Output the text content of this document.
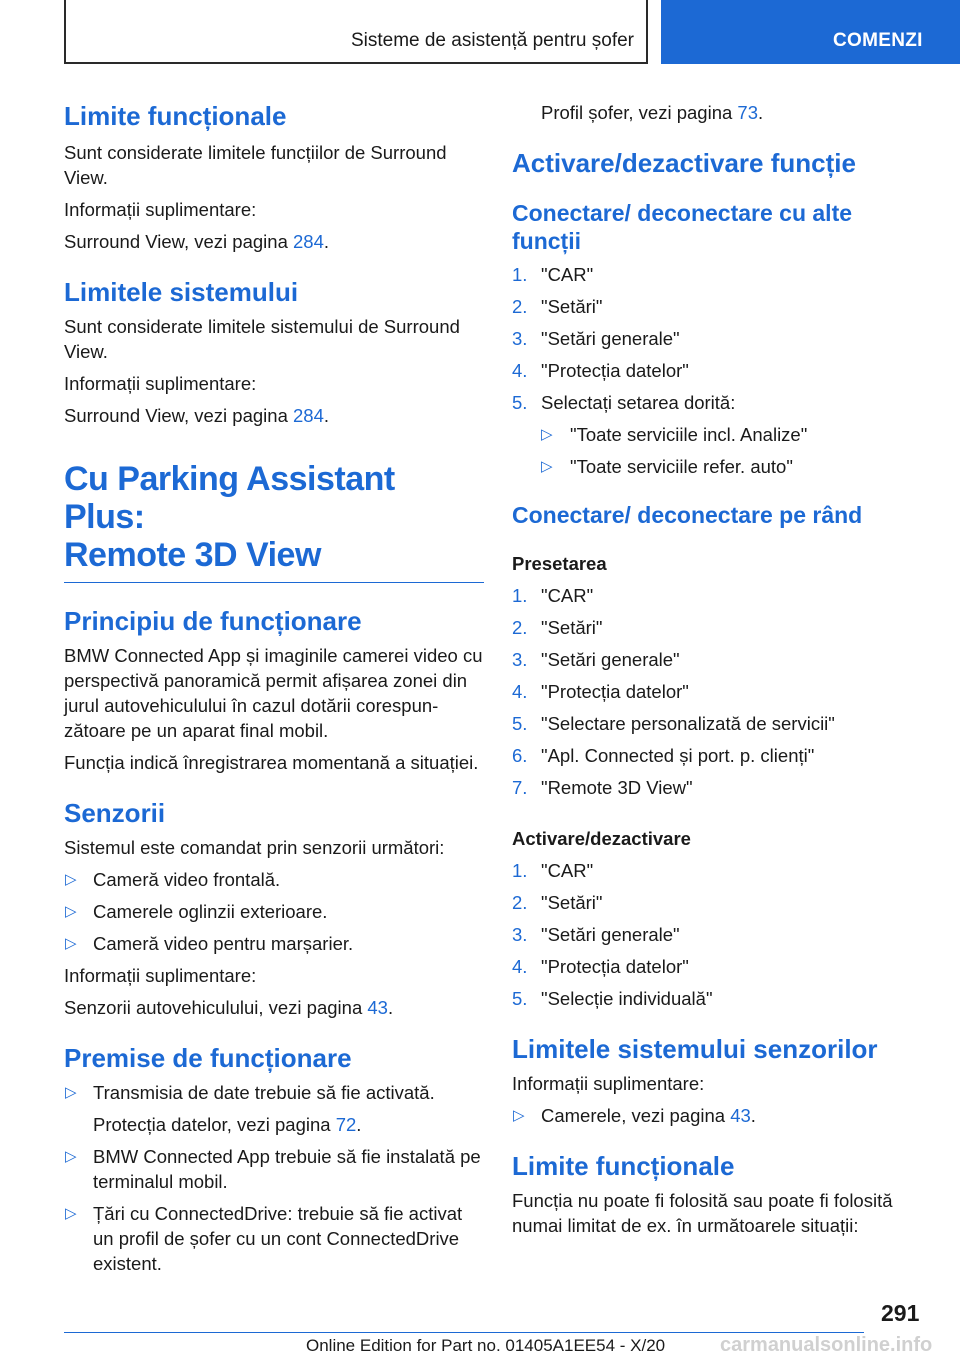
Sisteme de asistență pentru șofer	COMENZI
Limite funcționale

Sunt considerate limitele funcțiilor de Surround View.

Informații suplimentare:

Surround View, vezi pagina 284.

Limitele sistemului

Sunt considerate limitele sistemului de Surround View.

Informații suplimentare:

Surround View, vezi pagina 284.

Cu Parking Assistant Plus:
Remote 3D View
Principiu de funcționare

BMW Connected App și imaginile camerei video cu perspectivă panoramică permit afișarea zonei din jurul autovehiculului în cazul dotării corespunzătoare pe un aparat final mobil.

Funcția indică înregistrarea momentană a situației.

Senzorii

Sistemul este comandat prin senzorii următori:

▷ Cameră video frontală.
▷ Camerele oglinzii exterioare.
▷ Cameră video pentru marșarier.

Informații suplimentare:

Senzorii autovehiculului, vezi pagina 43.

Premise de funcționare
▷ Transmisia de date trebuie să fie activată.

Protecția datelor, vezi pagina 72.

▷ BMW Connected App trebuie să fie instalată pe terminalul mobil.
▷ Țări cu ConnectedDrive: trebuie să fie activat un profil de șofer cu un cont ConnectedDrive existent.

Profil șofer, vezi pagina 73.

Activare/dezactivare funcție
Conectare/ deconectare cu alte funcții
1. "CAR"
2. "Setări"
3. "Setări generale"
4. "Protecția datelor"
5. Selectați setarea dorită:
▷ "Toate serviciile incl. Analize"
▷ "Toate serviciile refer. auto"
Conectare/ deconectare pe rând

Presetarea

1. "CAR"
2. "Setări"
3. "Setări generale"
4. "Protecția datelor"
5. "Selectare personalizată de servicii"
6. "Apl. Connected și port. p. clienți"
7. "Remote 3D View"

Activare/dezactivare

1. "CAR"
2. "Setări"
3. "Setări generale"
4. "Protecția datelor"
5. "Selecție individuală"
Limitele sistemului senzorilor

Informații suplimentare:

▷ Camerele, vezi pagina 43.
Limite funcționale

Funcția nu poate fi folosită sau poate fi folosită numai limitat de ex. în următoarele situații:

291
Online Edition for Part no. 01405A1EE54 - X/20	carmanualsonline.info
